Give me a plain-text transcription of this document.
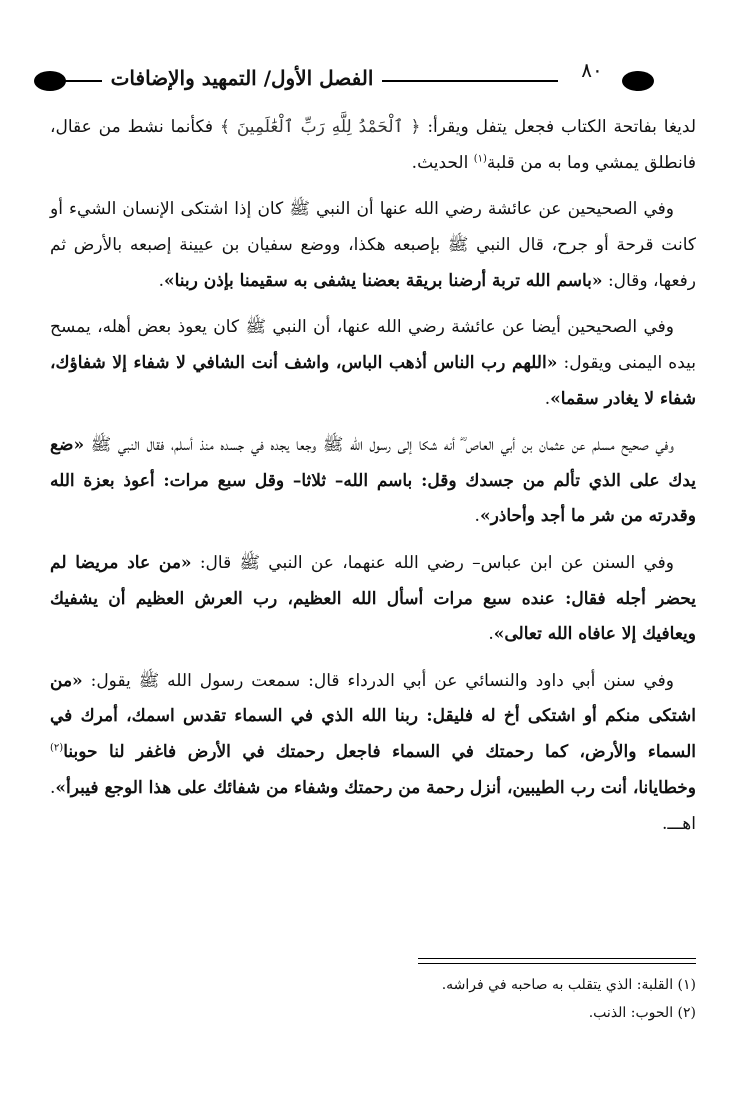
٨٠
الفصل الأول/ التمهيد والإضافات

لديغا بفاتحة الكتاب فجعل يتفل ويقرأ: ﴿ ٱلْحَمْدُ لِلَّهِ رَبِّ ٱلْعَٰلَمِينَ ﴾ فكأنما نشط من عقال، فانطلق يمشي وما به من قلبة$^{(١)}$ الحديث.

وفي الصحيحين عن عائشة رضي الله عنها أن النبي ﷺ كان إذا اشتكى الإنسان الشيء أو كانت قرحة أو جرح، قال النبي ﷺ بإصبعه هكذا، ووضع سفيان بن عيينة إصبعه بالأرض ثم رفعها، وقال: «باسم الله تربة أرضنا بريقة بعضنا يشفى به سقيمنا بإذن ربنا».

وفي الصحيحين أيضا عن عائشة رضي الله عنها، أن النبي ﷺ كان يعوذ بعض أهله، يمسح بيده اليمنى ويقول: «اللهم رب الناس أذهب الباس، واشف أنت الشافي لا شفاء إلا شفاؤك، شفاء لا يغادر سقما».

وفي صحيح مسلم عن عثمان بن أبي العاص ؓ أنه شكا إلى رسول الله ﷺ وجعا يجده في جسده منذ أسلم، فقال النبي ﷺ «ضع يدك على الذي تألم من جسدك وقل: باسم الله– ثلاثا– وقل سبع مرات: أعوذ بعزة الله وقدرته من شر ما أجد وأحاذر».

وفي السنن عن ابن عباس– رضي الله عنهما، عن النبي ﷺ قال: «من عاد مريضا لم يحضر أجله فقال: عنده سبع مرات أسأل الله العظيم، رب العرش العظيم أن يشفيك ويعافيك إلا عافاه الله تعالى».

وفي سنن أبي داود والنسائي عن أبي الدرداء قال: سمعت رسول الله ﷺ يقول: «من اشتكى منكم أو اشتكى أخ له فليقل: ربنا الله الذي في السماء تقدس اسمك، أمرك في السماء والأرض، كما رحمتك في السماء فاجعل رحمتك في الأرض فاغفر لنا حوبنا$^{(٢)}$ وخطايانا، أنت رب الطيبين، أنزل رحمة من رحمتك وشفاء من شفائك على هذا الوجع فيبرأ». اهـــ.

(١) القلبة: الذي يتقلب به صاحبه في فراشه.
(٢) الحوب: الذنب.
